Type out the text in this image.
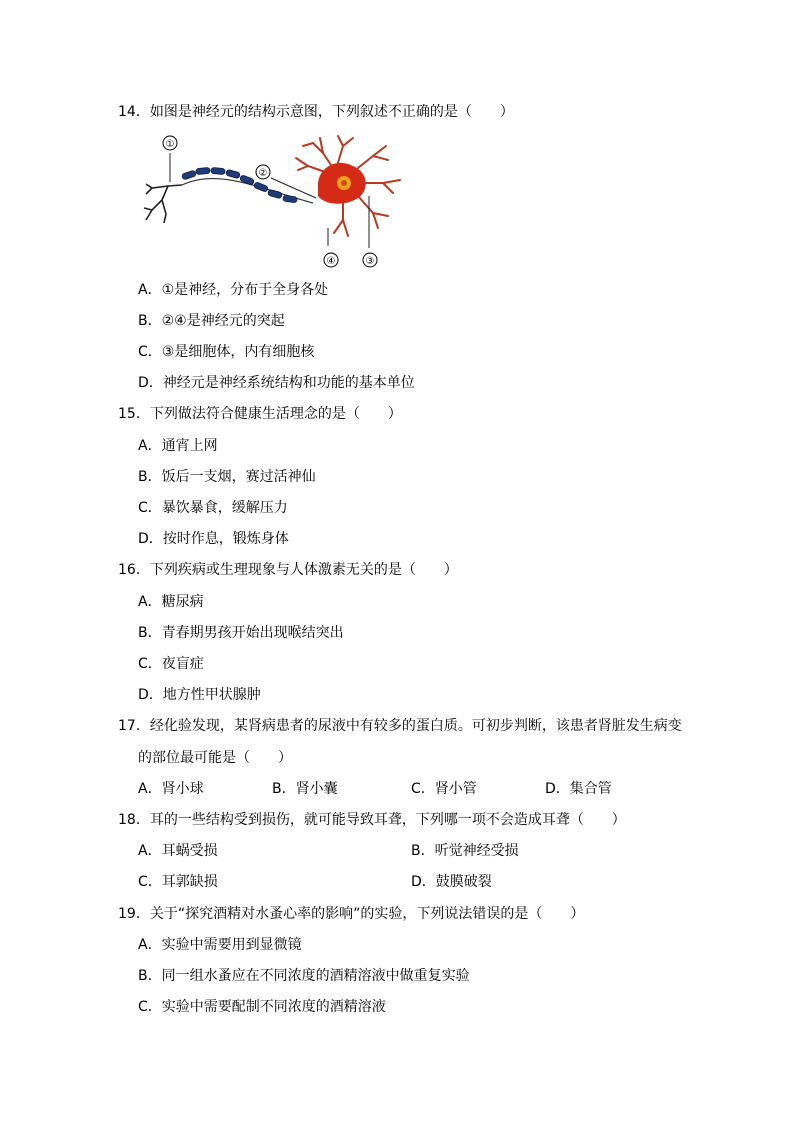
14．如图是神经元的结构示意图，下列叙述不正确的是（　　）
①
②
③
④
A．①是神经，分布于全身各处
B．②④是神经元的突起
C．③是细胞体，内有细胞核
D．神经元是神经系统结构和功能的基本单位
15．下列做法符合健康生活理念的是（　　）
A．通宵上网
B．饭后一支烟，赛过活神仙
C．暴饮暴食，缓解压力
D．按时作息，锻炼身体
16．下列疾病或生理现象与人体激素无关的是（　　）
A．糖尿病
B．青春期男孩开始出现喉结突出
C．夜盲症
D．地方性甲状腺肿
17．经化验发现，某肾病患者的尿液中有较多的蛋白质。可初步判断，该患者肾脏发生病变
的部位最可能是（　　）
A．肾小球	B．肾小囊	C．肾小管	D．集合管
18．耳的一些结构受到损伤，就可能导致耳聋，下列哪一项不会造成耳聋（　　）
A．耳蜗受损	B．听觉神经受损
C．耳郭缺损	D．鼓膜破裂
19．关于“探究酒精对水蚤心率的影响”的实验，下列说法错误的是（　　）
A．实验中需要用到显微镜
B．同一组水蚤应在不同浓度的酒精溶液中做重复实验
C．实验中需要配制不同浓度的酒精溶液
